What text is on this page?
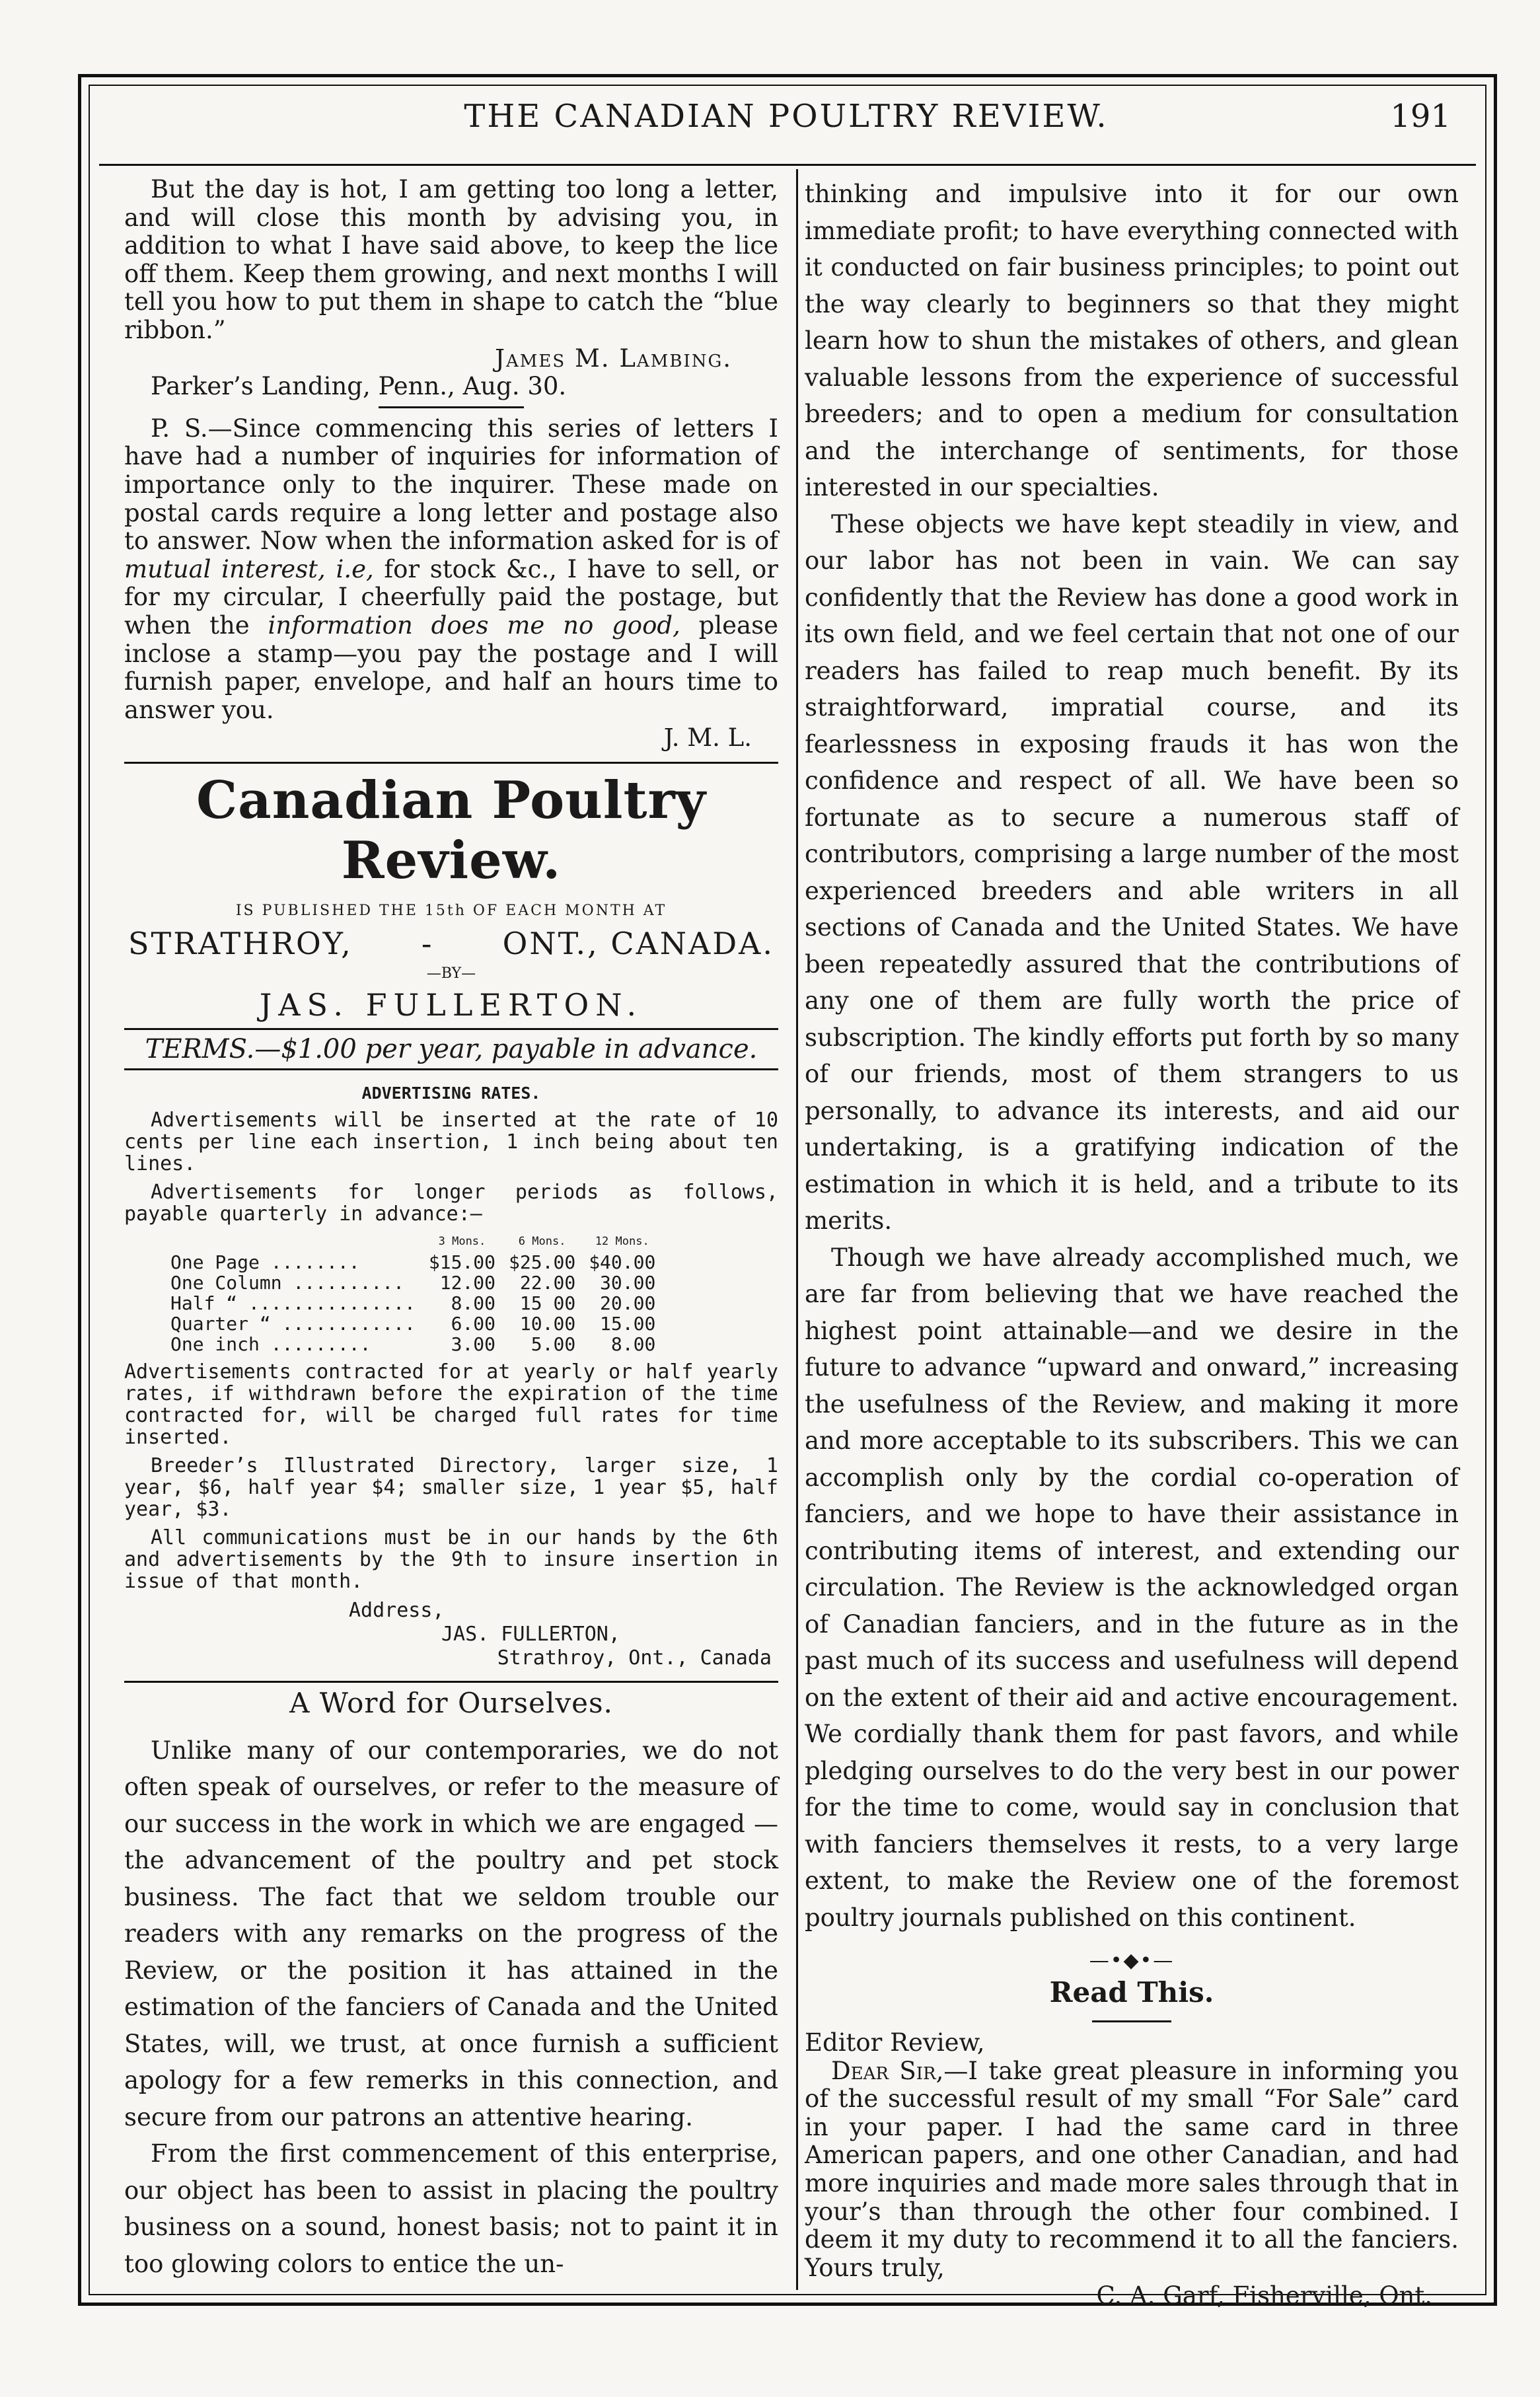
THE CANADIAN POULTRY REVIEW.	191

But the day is hot, I am getting too long a letter, and will close this month by advising you, in addition to what I have said above, to keep the lice off them. Keep them growing, and next months I will tell you how to put them in shape to catch the “blue ribbon.”

James M. Lambing.

Parker’s Landing, Penn., Aug. 30.

P. S.—Since commencing this series of letters I have had a number of inquiries for information of importance only to the inquirer. These made on postal cards require a long letter and postage also to answer. Now when the information asked for is of mutual interest, i.e, for stock &c., I have to sell, or for my circular, I cheerfully paid the postage, but when the information does me no good, please inclose a stamp—you pay the postage and I will furnish paper, envelope, and half an hours time to answer you.

J. M. L.

Canadian Poultry Review.
IS PUBLISHED THE 15th OF EACH MONTH AT
STRATHROY, - ONT., CANADA.
—BY—
JAS. FULLERTON.
TERMS.—$1.00 per year, payable in advance.
ADVERTISING RATES.

Advertisements will be inserted at the rate of 10 cents per line each insertion, 1 inch being about ten lines.

Advertisements for longer periods as follows, payable quarterly in advance:—

	3 Mons.	6 Mons.	12 Mons.
One Page ........	$15.00	$25.00	$40.00
One Column ..........	12.00	22.00	30.00
Half “ ...............	8.00	15 00	20.00
Quarter “ ............	6.00	10.00	15.00
One inch .........	3.00	5.00	8.00

Advertisements contracted for at yearly or half yearly rates, if withdrawn before the expiration of the time contracted for, will be charged full rates for time inserted.

Breeder’s Illustrated Directory, larger size, 1 year, $6, half year $4; smaller size, 1 year $5, half year, $3.

All communications must be in our hands by the 6th and advertisements by the 9th to insure insertion in issue of that month.

Address,
JAS. FULLERTON,
Strathroy, Ont., Canada
A Word for Ourselves.

Unlike many of our contemporaries, we do not often speak of ourselves, or refer to the measure of our success in the work in which we are engaged —the advancement of the poultry and pet stock business. The fact that we seldom trouble our readers with any remarks on the progress of the Review, or the position it has attained in the estimation of the fanciers of Canada and the United States, will, we trust, at once furnish a sufficient apology for a few remerks in this connection, and secure from our patrons an attentive hearing.

From the first commencement of this enterprise, our object has been to assist in placing the poultry business on a sound, honest basis; not to paint it in too glowing colors to entice the un-

thinking and impulsive into it for our own immediate profit; to have everything connected with it conducted on fair business principles; to point out the way clearly to beginners so that they might learn how to shun the mistakes of others, and glean valuable lessons from the experience of successful breeders; and to open a medium for consultation and the interchange of sentiments, for those interested in our specialties.

These objects we have kept steadily in view, and our labor has not been in vain. We can say confidently that the Review has done a good work in its own field, and we feel certain that not one of our readers has failed to reap much benefit. By its straightforward, impratial course, and its fearlessness in exposing frauds it has won the confidence and respect of all. We have been so fortunate as to secure a numerous staff of contributors, comprising a large number of the most experienced breeders and able writers in all sections of Canada and the United States. We have been repeatedly assured that the contributions of any one of them are fully worth the price of subscription. The kindly efforts put forth by so many of our friends, most of them strangers to us personally, to advance its interests, and aid our undertaking, is a gratifying indication of the estimation in which it is held, and a tribute to its merits.

Though we have already accomplished much, we are far from believing that we have reached the highest point attainable—and we desire in the future to advance “upward and onward,” increasing the usefulness of the Review, and making it more and more acceptable to its subscribers. This we can accomplish only by the cordial co-operation of fanciers, and we hope to have their assistance in contributing items of interest, and extending our circulation. The Review is the acknowledged organ of Canadian fanciers, and in the future as in the past much of its success and usefulness will depend on the extent of their aid and active encouragement. We cordially thank them for past favors, and while pledging ourselves to do the very best in our power for the time to come, would say in conclusion that with fanciers themselves it rests, to a very large extent, to make the Review one of the foremost poultry journals published on this continent.

—•◆•—
Read This.

Editor Review,

Dear Sir,—I take great pleasure in informing you of the successful result of my small “For Sale” card in your paper. I had the same card in three American papers, and one other Canadian, and had more inquiries and made more sales through that in your’s than through the other four combined. I deem it my duty to recommend it to all the fanciers. Yours truly,

C. A. Garf, Fisherville, Ont.
